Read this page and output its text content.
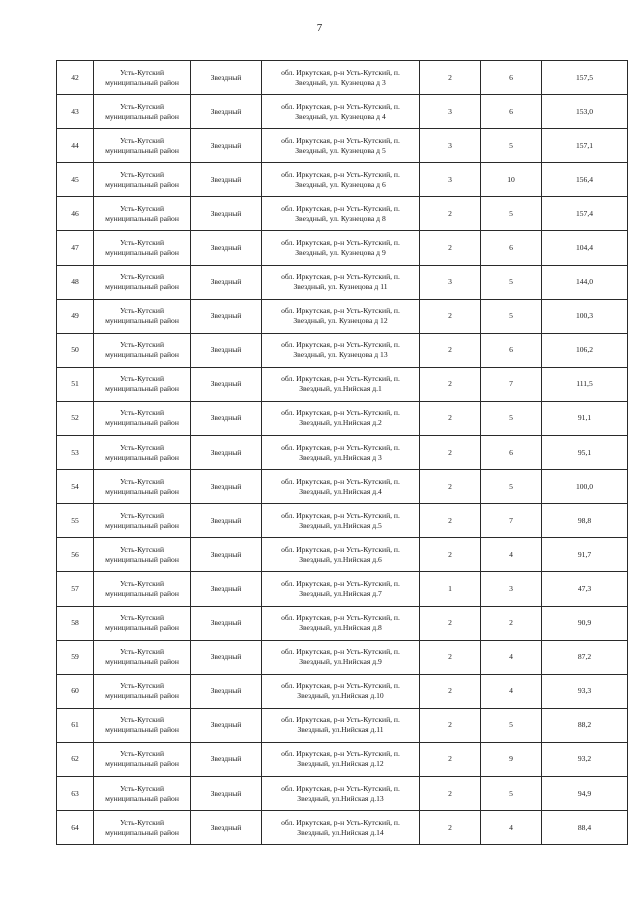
7
42	Усть-Кутский
муниципальный район	Звездный	обл. Иркутская, р-н Усть-Кутский, п.
Звездный, ул. Кузнецова д 3	2	6	157,5
43	Усть-Кутский
муниципальный район	Звездный	обл. Иркутская, р-н Усть-Кутский, п.
Звездный, ул. Кузнецова д 4	3	6	153,0
44	Усть-Кутский
муниципальный район	Звездный	обл. Иркутская, р-н Усть-Кутский, п.
Звездный, ул. Кузнецова д 5	3	5	157,1
45	Усть-Кутский
муниципальный район	Звездный	обл. Иркутская, р-н Усть-Кутский, п.
Звездный, ул. Кузнецова д 6	3	10	156,4
46	Усть-Кутский
муниципальный район	Звездный	обл. Иркутская, р-н Усть-Кутский, п.
Звездный, ул. Кузнецова д 8	2	5	157,4
47	Усть-Кутский
муниципальный район	Звездный	обл. Иркутская, р-н Усть-Кутский, п.
Звездный, ул. Кузнецова д 9	2	6	104,4
48	Усть-Кутский
муниципальный район	Звездный	обл. Иркутская, р-н Усть-Кутский, п.
Звездный, ул. Кузнецова д 11	3	5	144,0
49	Усть-Кутский
муниципальный район	Звездный	обл. Иркутская, р-н Усть-Кутский, п.
Звездный, ул. Кузнецова д 12	2	5	100,3
50	Усть-Кутский
муниципальный район	Звездный	обл. Иркутская, р-н Усть-Кутский, п.
Звездный, ул. Кузнецова д 13	2	6	106,2
51	Усть-Кутский
муниципальный район	Звездный	обл. Иркутская, р-н Усть-Кутский, п.
Звездный, ул.Нийская д.1	2	7	111,5
52	Усть-Кутский
муниципальный район	Звездный	обл. Иркутская, р-н Усть-Кутский, п.
Звездный, ул.Нийская д.2	2	5	91,1
53	Усть-Кутский
муниципальный район	Звездный	обл. Иркутская, р-н Усть-Кутский, п.
Звездный, ул.Нийская д 3	2	6	95,1
54	Усть-Кутский
муниципальный район	Звездный	обл. Иркутская, р-н Усть-Кутский, п.
Звездный, ул.Нийская д.4	2	5	100,0
55	Усть-Кутский
муниципальный район	Звездный	обл. Иркутская, р-н Усть-Кутский, п.
Звездный, ул.Нийская д.5	2	7	98,8
56	Усть-Кутский
муниципальный район	Звездный	обл. Иркутская, р-н Усть-Кутский, п.
Звездный, ул.Нийская д.6	2	4	91,7
57	Усть-Кутский
муниципальный район	Звездный	обл. Иркутская, р-н Усть-Кутский, п.
Звездный, ул.Нийская д.7	1	3	47,3
58	Усть-Кутский
муниципальный район	Звездный	обл. Иркутская, р-н Усть-Кутский, п.
Звездный, ул.Нийская д.8	2	2	90,9
59	Усть-Кутский
муниципальный район	Звездный	обл. Иркутская, р-н Усть-Кутский, п.
Звездный, ул.Нийская д.9	2	4	87,2
60	Усть-Кутский
муниципальный район	Звездный	обл. Иркутская, р-н Усть-Кутский, п.
Звездный, ул.Нийская д.10	2	4	93,3
61	Усть-Кутский
муниципальный район	Звездный	обл. Иркутская, р-н Усть-Кутский, п.
Звездный, ул.Нийская д.11	2	5	88,2
62	Усть-Кутский
муниципальный район	Звездный	обл. Иркутская, р-н Усть-Кутский, п.
Звездный, ул.Нийская д.12	2	9	93,2
63	Усть-Кутский
муниципальный район	Звездный	обл. Иркутская, р-н Усть-Кутский, п.
Звездный, ул.Нийская д.13	2	5	94,9
64	Усть-Кутский
муниципальный район	Звездный	обл. Иркутская, р-н Усть-Кутский, п.
Звездный, ул.Нийская д.14	2	4	88,4
